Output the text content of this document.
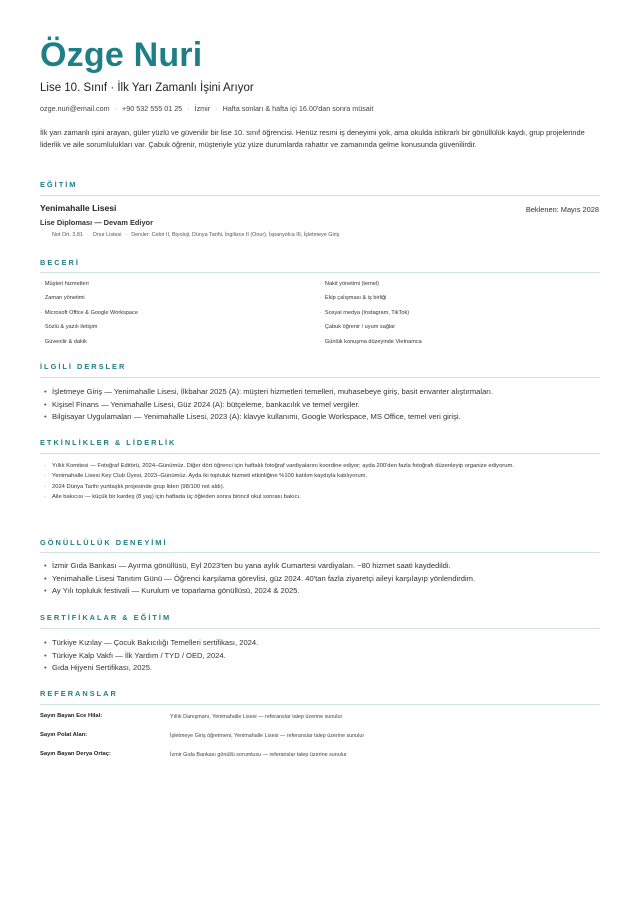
Özge Nuri
Lise 10. Sınıf · İlk Yarı Zamanlı İşini Arıyor
ozge.nuri@email.com · +90 532 555 01 25 · İzmir · Hafta sonları & hafta içi 16.00'dan sonra müsait
İlk yarı zamanlı işini arayan, güler yüzlü ve güvenilir bir lise 10. sınıf öğrencisi. Henüz resmi iş deneyimi yok, ama okulda istikrarlı bir gönüllülük kaydı, grup projelerinde liderlik ve aile sorumlulukları var. Çabuk öğrenir, müşteriyle yüz yüze durumlarda rahattır ve zamanında gelme konusunda güvenilirdir.
EĞİTİM
Yenimahalle Lisesi	Beklenen: Mayıs 2028
Lise Diploması — Devam Ediyor
Not Ort. 3.81 · Onur Listesi · Dersler: Cebir II, Biyoloji, Dünya Tarihi, İngilizce II (Onur), İspanyolca III, İşletmeye Giriş
BECERİ
· Müşteri hizmetleri
· Zaman yönetimi
· Microsoft Office & Google Workspace
· Sözlü & yazılı iletişim
· Güvenilir & dakik
· Nakit yönetimi (temel)
· Ekip çalışması & iş birliği
· Sosyal medya (Instagram, TikTok)
· Çabuk öğrenir / uyum sağlar
· Günlük konuşma düzeyinde Vietnamca
İLGİLİ DERSLER
• İşletmeye Giriş — Yenimahalle Lisesi, İlkbahar 2025 (A): müşteri hizmetleri temelleri, muhasebeye giriş, basit envanter alıştırmaları.
• Kişisel Finans — Yenimahalle Lisesi, Güz 2024 (A): bütçeleme, bankacılık ve temel vergiler.
• Bilgisayar Uygulamaları — Yenimahalle Lisesi, 2023 (A): klavye kullanımı, Google Workspace, MS Office, temel veri girişi.
ETKİNLİKLER & LİDERLİK
· Yıllık Komitesi — Fotoğraf Editörü, 2024–Günümüz. Diğer dört öğrenci için haftalık fotoğraf vardiyalarını koordine ediyor; ayda 200'den fazla fotoğrafı düzenleyip organize ediyorum.
· Yenimahalle Lisesi Key Club Üyesi, 2023–Günümüz. Ayda iki topluluk hizmeti etkinliğine %100 katılım kaydıyla katılıyorum.
· 2024 Dünya Tarihi yurttaşlık projesinde grup lideri (98/100 not aldı).
· Aile bakıcısı — küçük bir kardeş (8 yaş) için haftada üç öğleden sonra birincil okul sonrası bakıcı.
GÖNÜLLÜLÜK DENEYİMİ
• İzmir Gıda Bankası — Ayırma gönüllüsü, Eyl 2023'ten bu yana aylık Cumartesi vardiyaları. ~80 hizmet saati kaydedildi.
• Yenimahalle Lisesi Tanıtım Günü — Öğrenci karşılama görevlisi, güz 2024. 40'tan fazla ziyaretçi aileyi karşılayıp yönlendirdim.
• Ay Yılı topluluk festivali — Kurulum ve toparlama gönüllüsü, 2024 & 2025.
SERTİFİKALAR & EĞİTİM
• Türkiye Kızılay — Çocuk Bakıcılığı Temelleri sertifikası, 2024.
• Türkiye Kalp Vakfı — İlk Yardım / TYD / OED, 2024.
• Gıda Hijyeni Sertifikası, 2025.
REFERANSLAR
Sayın Bayan Ece Hilal:	Yıllık Danışmanı, Yenimahalle Lisesi — referanslar talep üzerine sunulur
Sayın Polat Alan:	İşletmeye Giriş öğretmeni, Yenimahalle Lisesi — referanslar talep üzerine sunulur
Sayın Bayan Derya Ortaç:	İzmir Gıda Bankası gönüllü sorumlusu — referanslar talep üzerine sunulur
